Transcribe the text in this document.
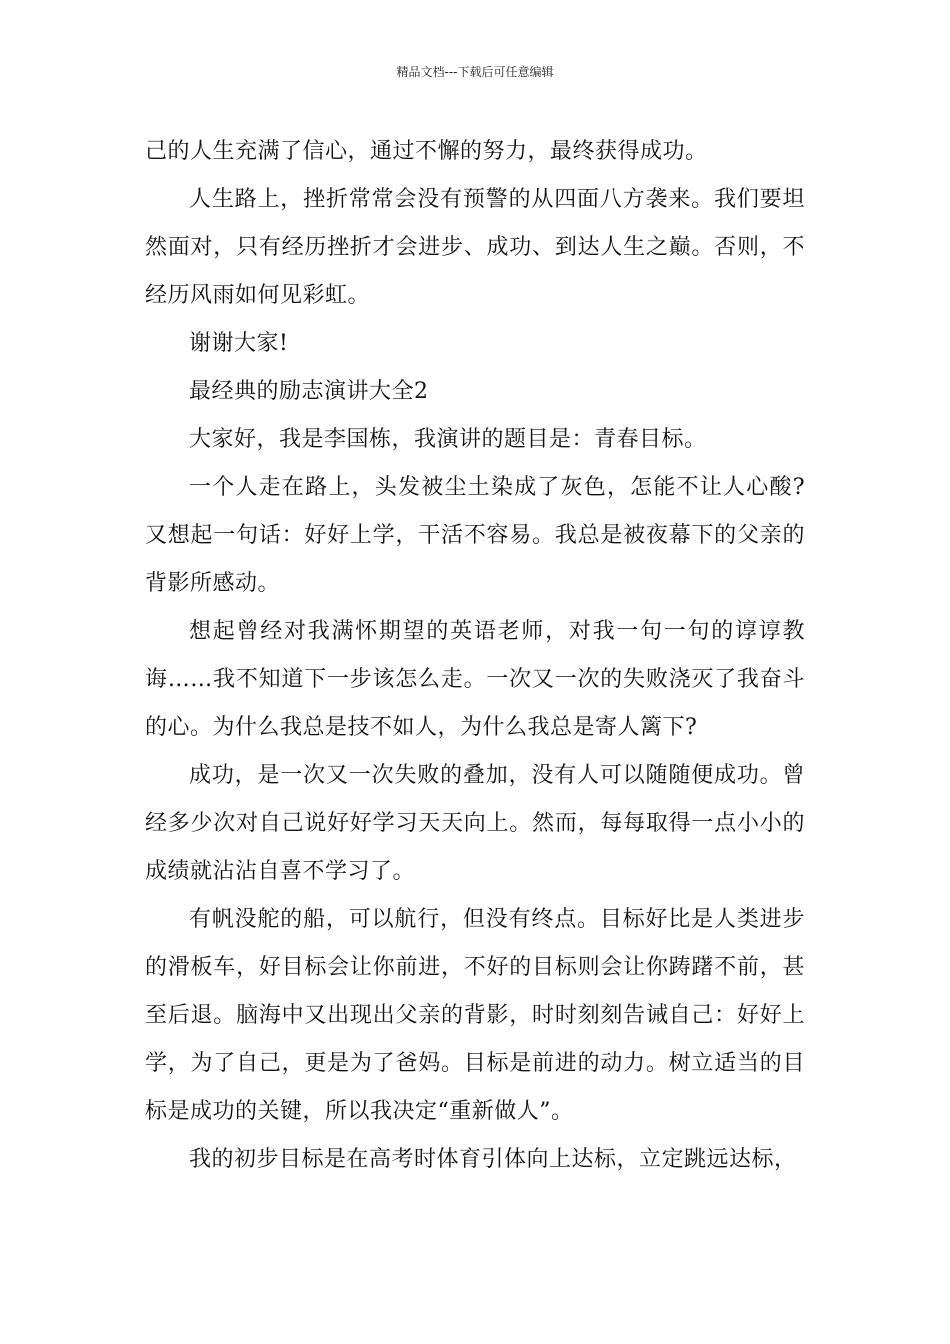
精品文档---下载后可任意编辑

己的人生充满了信心，通过不懈的努力，最终获得成功。

人生路上，挫折常常会没有预警的从四面八方袭来。我们要坦然面对，只有经历挫折才会进步、成功、到达人生之巅。否则，不经历风雨如何见彩虹。

谢谢大家!

最经典的励志演讲大全2

大家好，我是李国栋，我演讲的题目是：青春目标。

一个人走在路上，头发被尘土染成了灰色，怎能不让人心酸?又想起一句话：好好上学，干活不容易。我总是被夜幕下的父亲的背影所感动。

想起曾经对我满怀期望的英语老师，对我一句一句的谆谆教诲……我不知道下一步该怎么走。一次又一次的失败浇灭了我奋斗的心。为什么我总是技不如人，为什么我总是寄人篱下?

成功，是一次又一次失败的叠加，没有人可以随随便成功。曾经多少次对自己说好好学习天天向上。然而，每每取得一点小小的成绩就沾沾自喜不学习了。

有帆没舵的船，可以航行，但没有终点。目标好比是人类进步的滑板车，好目标会让你前进，不好的目标则会让你踌躇不前，甚至后退。脑海中又出现出父亲的背影，时时刻刻告诫自己：好好上学，为了自己，更是为了爸妈。目标是前进的动力。树立适当的目标是成功的关键，所以我决定“重新做人”。

我的初步目标是在高考时体育引体向上达标，立定跳远达标，
